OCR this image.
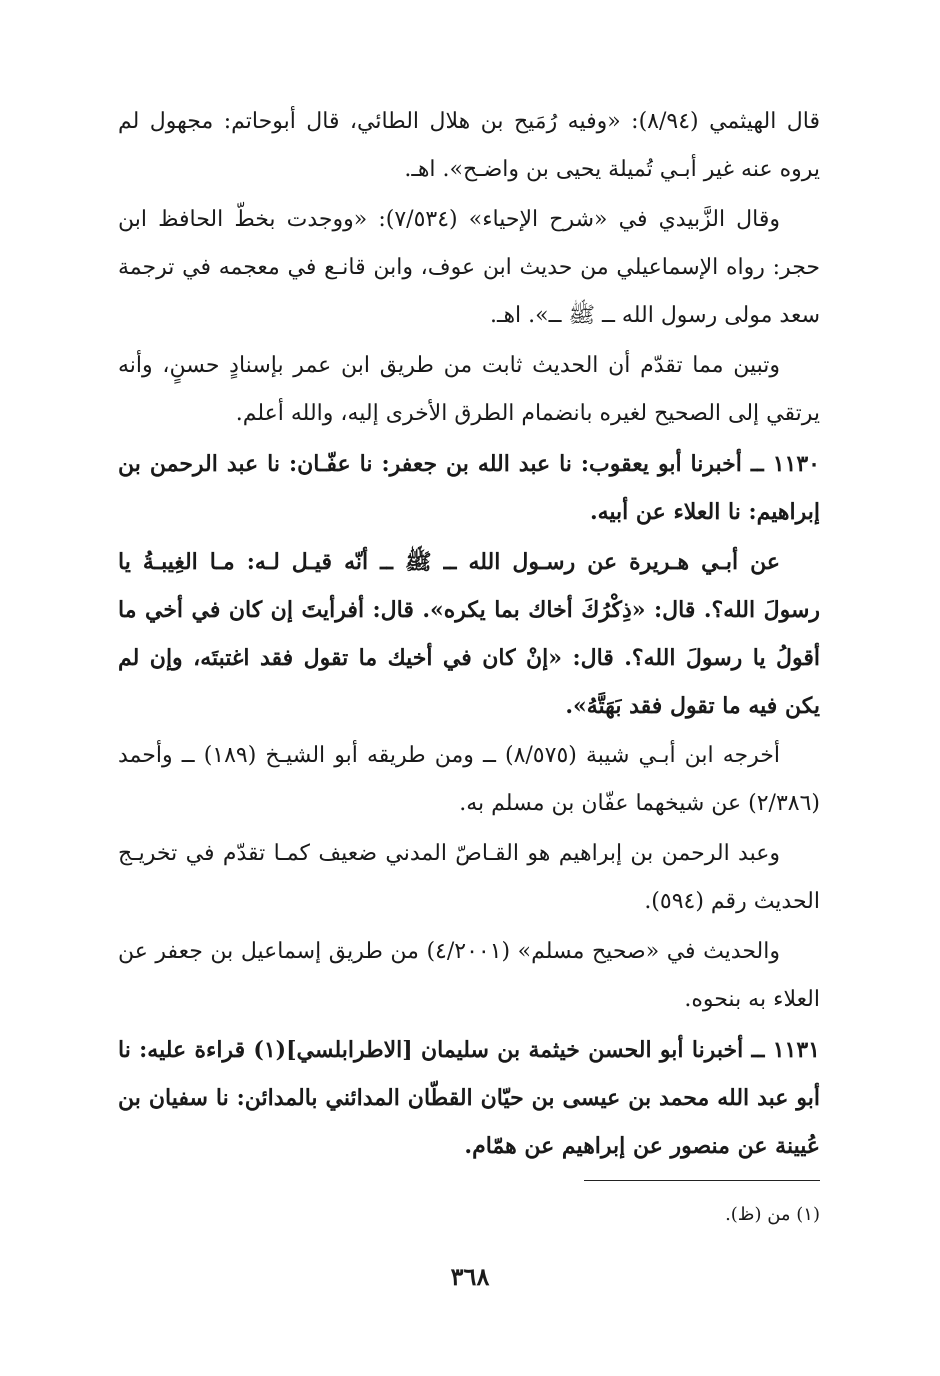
قال الهيثمي (٨/٩٤): «وفيه رُمَيح بن هلال الطائي، قال أبوحاتم: مجهول لم يروه عنه غير أبـي تُميلة يحيى بن واضـح». اهـ.

وقال الزَّبيدي في «شرح الإحياء» (٧/٥٣٤): «ووجدت بخطّ الحافظ ابن حجر: رواه الإسماعيلي من حديث ابن عوف، وابن قانـع في معجمه في ترجمة سعد مولى رسول الله ــ ﷺ ــ». اهـ.

وتبين مما تقدّم أن الحديث ثابت من طريق ابن عمر بإسنادٍ حسنٍ، وأنه يرتقي إلى الصحيح لغيره بانضمام الطرق الأخرى إليه، والله أعلم.

١١٣٠ ــ أخبرنا أبو يعقوب: نا عبد الله بن جعفر: نا عفّـان: نا عبد الرحمن بن إبراهيم: نا العلاء عن أبيه.

عن أبـي هـريرة عن رسـول الله ــ ﷺ ــ أنّه قيـل لـه: مـا الغِيبـةُ يا رسولَ الله؟. قال: «ذِكْرُكَ أخاك بما يكره». قال: أفرأيتَ إن كان في أخي ما أقولُ يا رسولَ الله؟. قال: «إنْ كان في أخيك ما تقول فقد اغتبتَه، وإن لم يكن فيه ما تقول فقد بَهَتَّهُ».

أخرجه ابن أبـي شيبة (٨/٥٧٥) ــ ومن طريقه أبو الشيـخ (١٨٩) ــ وأحمد (٢/٣٨٦) عن شيخهما عفّان بن مسلم به.

وعبد الرحمن بن إبراهيم هو القـاصّ المدني ضعيف كمـا تقدّم في تخريـج الحديث رقم (٥٩٤).

والحديث في «صحيح مسلم» (٤/٢٠٠١) من طريق إسماعيل بن جعفر عن العلاء به بنحوه.

١١٣١ ــ أخبرنا أبو الحسن خيثمة بن سليمان [الاطرابلسي](١) قراءة عليه: نا أبو عبد الله محمد بن عيسى بن حيّان القطّان المدائني بالمدائن: نا سفيان بن عُيينة عن منصور عن إبراهيم عن همّام.

(١) من (ظ).
٣٦٨
